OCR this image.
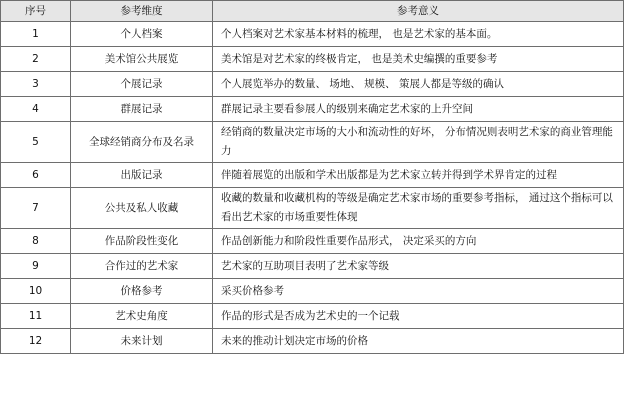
序号	参考维度	参考意义
1	个人档案	个人档案对艺术家基本材料的梳理， 也是艺术家的基本面。
2	美术馆公共展览	美术馆是对艺术家的终极肯定， 也是美术史编撰的重要参考
3	个展记录	个人展览举办的数量、 场地、 规模、 策展人都是等级的确认
4	群展记录	群展记录主要看参展人的级别来确定艺术家的上升空间
5	全球经销商分布及名录	经销商的数量决定市场的大小和流动性的好坏， 分布情况则表明艺术家的商业管理能力
6	出版记录	伴随着展览的出版和学术出版都是为艺术家立转并得到学术界肯定的过程
7	公共及私人收藏	收藏的数量和收藏机构的等级是确定艺术家市场的重要参考指标， 通过这个指标可以看出艺术家的市场重要性体现
8	作品阶段性变化	作品创新能力和阶段性重要作品形式， 决定采买的方向
9	合作过的艺术家	艺术家的互助项目表明了艺术家等级
10	价格参考	采买价格参考
11	艺术史角度	作品的形式是否成为艺术史的一个记载
12	未来计划	未来的推动计划决定市场的价格
